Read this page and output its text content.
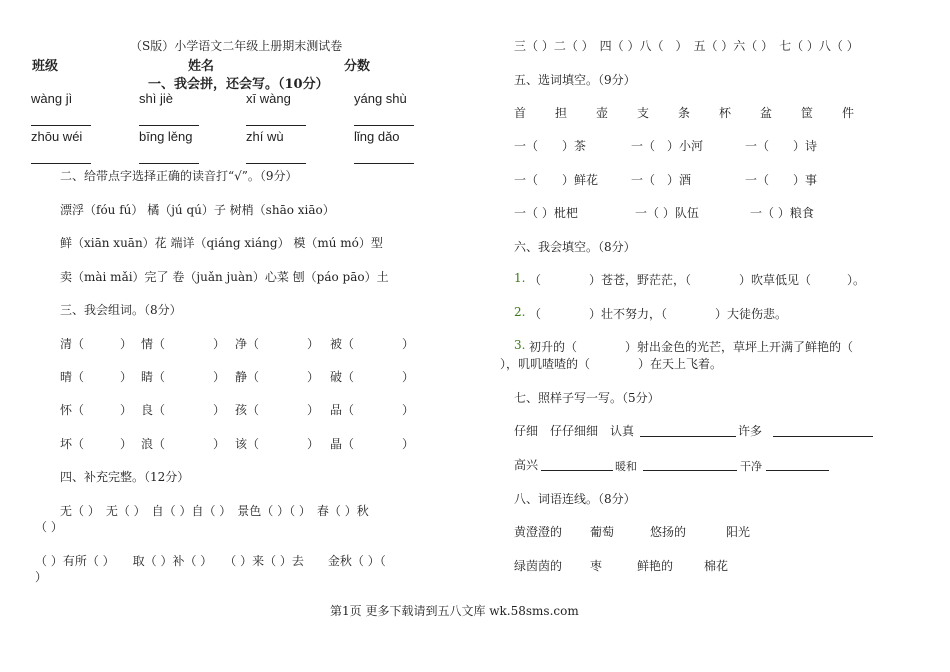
（S版）小学语文二年级上册期末测试卷
班级	姓名	分数
一、我会拼，还会写。（10分）
wànɡ jì	shì jiè	xī wànɡ	yánɡ shù
zhōu wéi	bīnɡ lěnɡ	zhí wù	lǐnɡ dǎo
二、给带点字选择正确的读音打“√”。（9分）
漂浮（fóu fú） 橘（jú qú）子 树梢（shāo xiāo）
鲜（xiān xuān）花 端详（qiáng xiáng） 模（mú mó）型
卖（mài mǎi）完了 卷（juǎn juàn）心菜 刨（páo pāo）土
三、我会组词。（8分）
清（　　　） 情（　　　　） 净（　　　　） 被（　　　　）
晴（　　　） 睛（　　　　） 静（　　　　） 破（　　　　）
怀（　　　） 良（　　　　） 孩（　　　　） 品（　　　　）
坏（　　　） 浪（　　　　） 该（　　　　） 晶（　　　　）
四、补充完整。（12分）
无（ ）　无（ ）　自（ ）自（ ）　景色（ ）（ ）　春（ ）秋
（ ）
（ ）有所（ ）　　取（ ）补（ ）　　（ ）来（ ）去　　金秋（ ）（
）
三（ ）二（ ）　四（ ）八（　）　五（ ）六（ ）　七（ ）八（ ）
五、选词填空。（9分）
首 担 壶 支 条 杯 盆 筐 件
一（　　）茶	一（　）小河	一（　　）诗
一（　　）鲜花	一（　）酒	一（　　）事
一（ ）枇杷	一（ ）队伍	一（ ）粮食
六、我会填空。（8分）
1. （　　　　）苍苍，野茫茫，（　　　　）吹草低见（　　　）。
2. （　　　　）壮不努力，（　　　　）大徒伤悲。
3. 初升的（　　　　）射出金色的光芒，草坪上开满了鲜艳的（
），叽叽喳喳的（　　　　）在天上飞着。
七、照样子写一写。（5分）
仔细　仔仔细细　认真	许多
高兴	暖和	干净
八、词语连线。（8分）
黄澄澄的 葡萄	悠扬的	阳光
绿茵茵的 枣	鲜艳的	棉花
第1页 更多下载请到五八文库 wk.58sms.com
